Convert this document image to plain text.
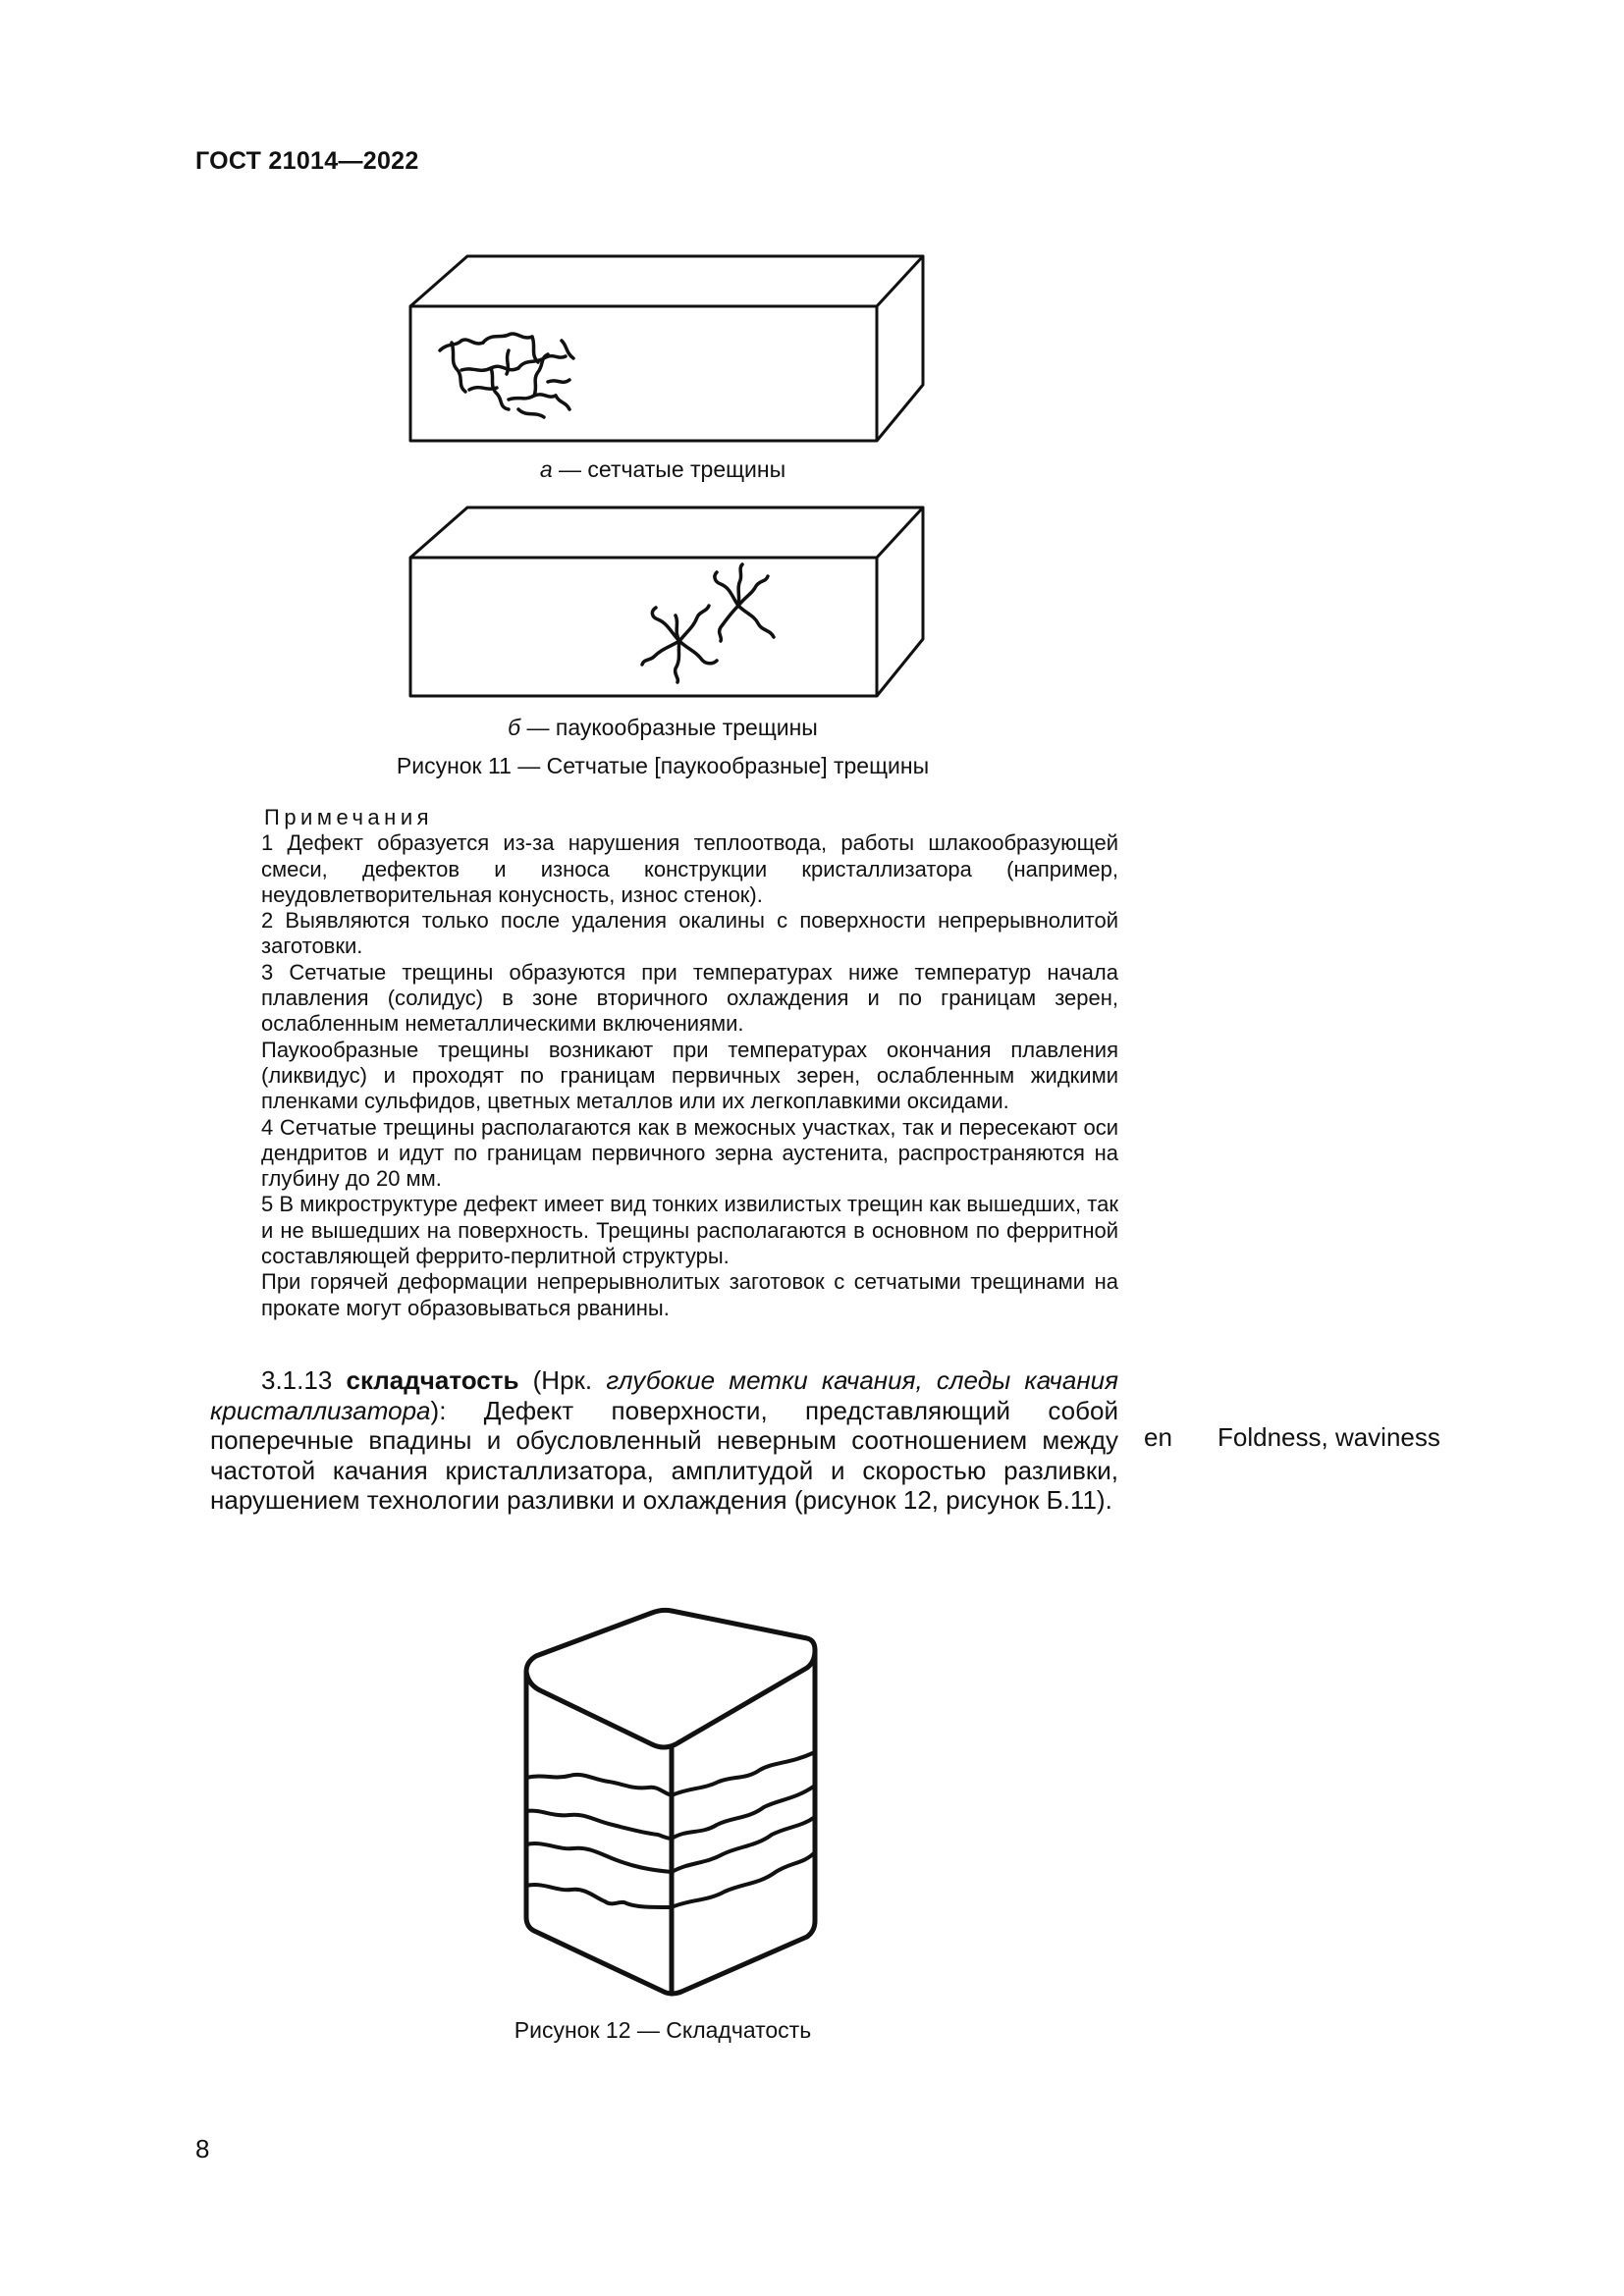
ГОСТ 21014—2022
а — сетчатые трещины
б — паукообразные трещины
Рисунок 11 — Сетчатые [паукообразные] трещины

Примечания

1 Дефект образуется из-за нарушения теплоотвода, работы шлакообразующей смеси, дефектов и износа конструкции кристаллизатора (например, неудовлетворительная конусность, износ стенок).

2 Выявляются только после удаления окалины с поверхности непрерывнолитой заготовки.

3 Сетчатые трещины образуются при температурах ниже температур начала плавления (солидус) в зоне вторичного охлаждения и по границам зерен, ослабленным неметаллическими включениями.

Паукообразные трещины возникают при температурах окончания плавления (ликвидус) и проходят по границам первичных зерен, ослабленным жидкими пленками сульфидов, цветных металлов или их легкоплавкими оксидами.

4 Сетчатые трещины располагаются как в межосных участках, так и пересекают оси дендритов и идут по границам первичного зерна аустенита, распространяются на глубину до 20 мм.

5 В микроструктуре дефект имеет вид тонких извилистых трещин как вышедших, так и не вышедших на поверхность. Трещины располагаются в основном по ферритной составляющей феррито-перлитной структуры.

При горячей деформации непрерывнолитых заготовок с сетчатыми трещинами на прокате могут образовываться рванины.

3.1.13 складчатость (Нрк. глубокие метки качания, следы качания кристаллизатора): Дефект поверхности, представляющий собой поперечные впадины и обусловленный неверным соотношением между частотой качания кристаллизатора, амплитудой и скоростью разливки, нарушением технологии разливки и охлаждения (рисунок 12, рисунок Б.11).
en Foldness, waviness
Рисунок 12 — Складчатость
8
